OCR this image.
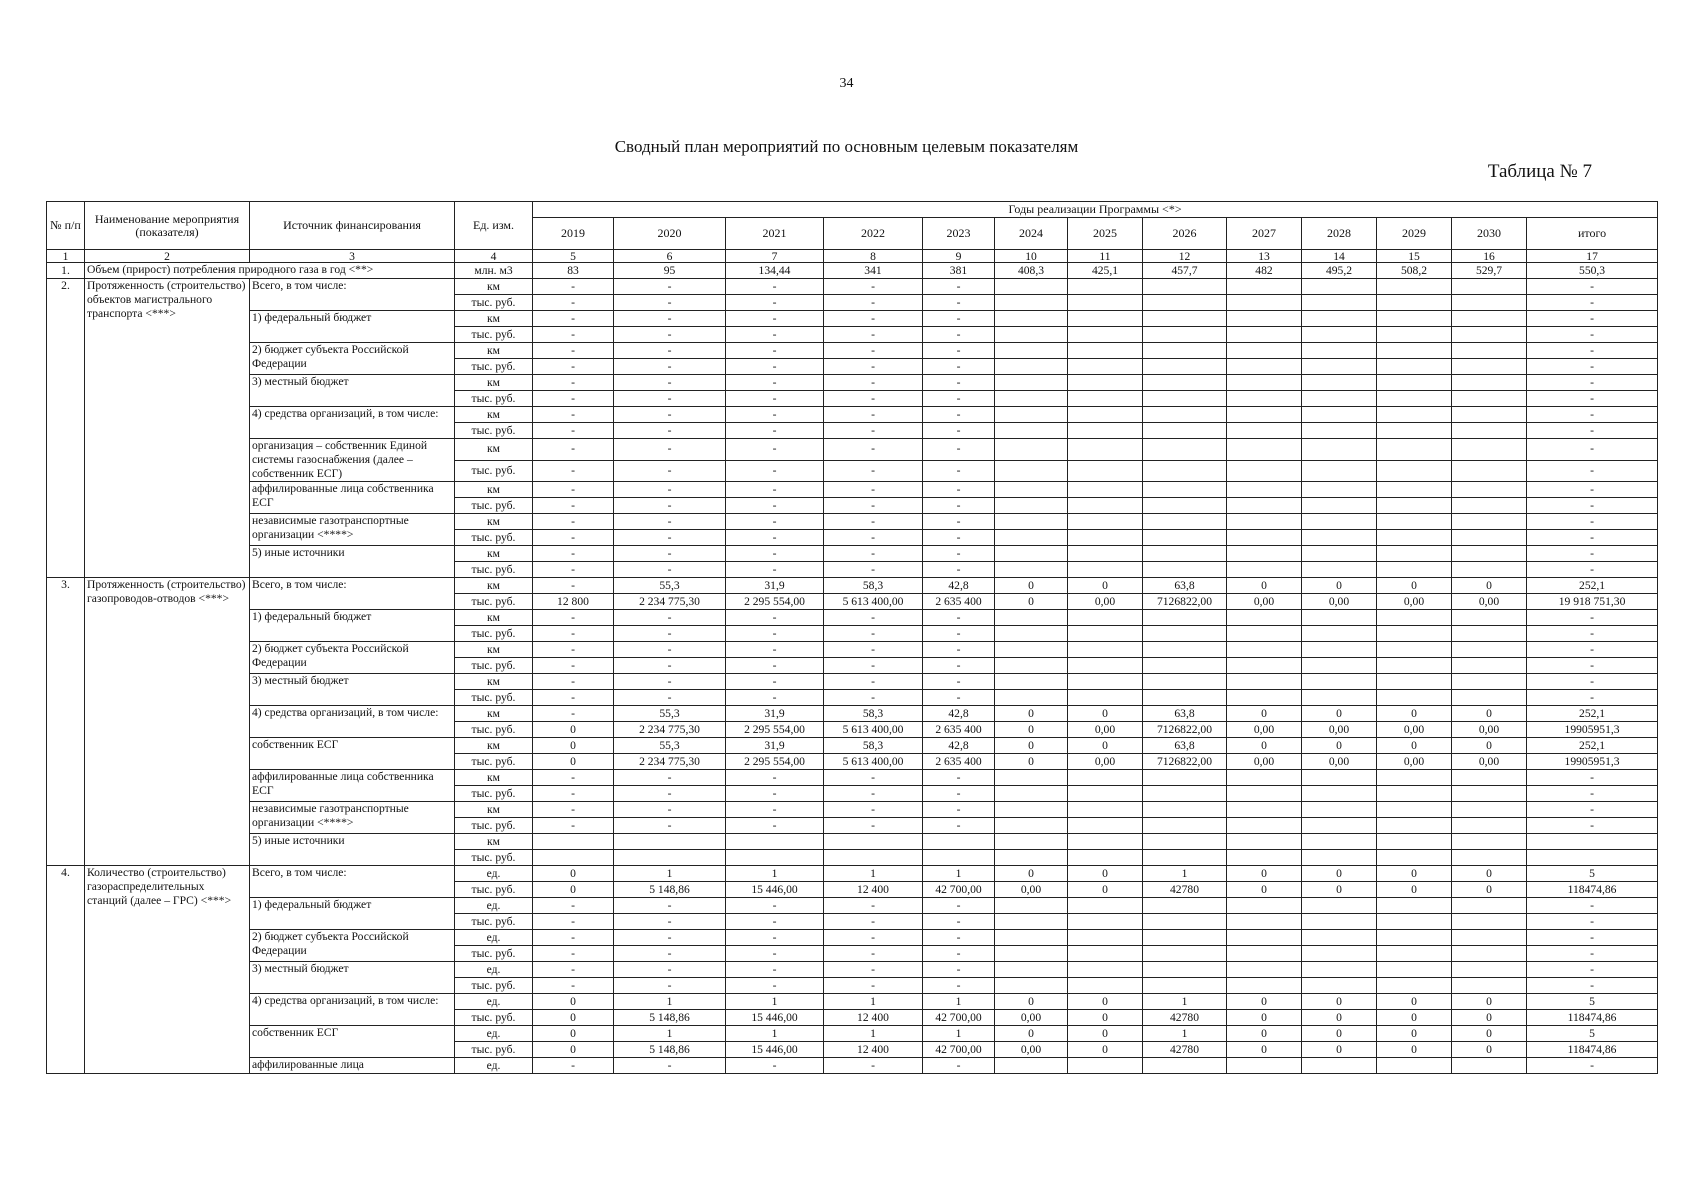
34
Сводный план мероприятий по основным целевым показателям
Таблица № 7
№ п/п	Наименование мероприятия (показателя)	Источник финансирования	Ед. изм.	Годы реализации Программы <*>												
				2019	2020	2021	2022	2023	2024	2025	2026	2027	2028	2029	2030	итого
1	2	3	4	5	6	7	8	9	10	11	12	13	14	15	16	17
1.	Объем (прирост) потребления природного газа в год <**>		млн. м3	83	95	134,44	341	381	408,3	425,1	457,7	482	495,2	508,2	529,7	550,3
2.	Протяженность (строительство) объектов магистрального транспорта <***>	Всего, в том числе:	км	-	-	-	-	-								-
			тыс. руб.	-	-	-	-	-								-
		1) федеральный бюджет	км	-	-	-	-	-								-
			тыс. руб.	-	-	-	-	-								-
		2) бюджет субъекта Российской Федерации	км	-	-	-	-	-								-
			тыс. руб.	-	-	-	-	-								-
		3) местный бюджет	км	-	-	-	-	-								-
			тыс. руб.	-	-	-	-	-								-
		4) средства организаций, в том числе:	км	-	-	-	-	-								-
			тыс. руб.	-	-	-	-	-								-
		организация – собственник Единой системы газоснабжения (далее – собственник ЕСГ)	км	-	-	-	-	-								-
			тыс. руб.	-	-	-	-	-								-
		аффилированные лица собственника ЕСГ	км	-	-	-	-	-								-
			тыс. руб.	-	-	-	-	-								-
		независимые газотранспортные организации <****>	км	-	-	-	-	-								-
			тыс. руб.	-	-	-	-	-								-
		5) иные источники	км	-	-	-	-	-								-
			тыс. руб.	-	-	-	-	-								-
3.	Протяженность (строительство) газопроводов-отводов <***>	Всего, в том числе:	км	-	55,3	31,9	58,3	42,8	0	0	63,8	0	0	0	0	252,1
			тыс. руб.	12 800	2 234 775,30	2 295 554,00	5 613 400,00	2 635 400	0	0,00	7126822,00	0,00	0,00	0,00	0,00	19 918 751,30
		1) федеральный бюджет	км	-	-	-	-	-								-
			тыс. руб.	-	-	-	-	-								-
		2) бюджет субъекта Российской Федерации	км	-	-	-	-	-								-
			тыс. руб.	-	-	-	-	-								-
		3) местный бюджет	км	-	-	-	-	-								-
			тыс. руб.	-	-	-	-	-								-
		4) средства организаций, в том числе:	км	-	55,3	31,9	58,3	42,8	0	0	63,8	0	0	0	0	252,1
			тыс. руб.	0	2 234 775,30	2 295 554,00	5 613 400,00	2 635 400	0	0,00	7126822,00	0,00	0,00	0,00	0,00	19905951,3
		собственник ЕСГ	км	0	55,3	31,9	58,3	42,8	0	0	63,8	0	0	0	0	252,1
			тыс. руб.	0	2 234 775,30	2 295 554,00	5 613 400,00	2 635 400	0	0,00	7126822,00	0,00	0,00	0,00	0,00	19905951,3
		аффилированные лица собственника ЕСГ	км	-	-	-	-	-								-
			тыс. руб.	-	-	-	-	-								-
		независимые газотранспортные организации <****>	км	-	-	-	-	-								-
			тыс. руб.	-	-	-	-	-								-
		5) иные источники	км													
			тыс. руб.													
4.	Количество (строительство) газораспределительных станций (далее – ГРС) <***>	Всего, в том числе:	ед.	0	1	1	1	1	0	0	1	0	0	0	0	5
			тыс. руб.	0	5 148,86	15 446,00	12 400	42 700,00	0,00	0	42780	0	0	0	0	118474,86
		1) федеральный бюджет	ед.	-	-	-	-	-								-
			тыс. руб.	-	-	-	-	-								-
		2) бюджет субъекта Российской Федерации	ед.	-	-	-	-	-								-
			тыс. руб.	-	-	-	-	-								-
		3) местный бюджет	ед.	-	-	-	-	-								-
			тыс. руб.	-	-	-	-	-								-
		4) средства организаций, в том числе:	ед.	0	1	1	1	1	0	0	1	0	0	0	0	5
			тыс. руб.	0	5 148,86	15 446,00	12 400	42 700,00	0,00	0	42780	0	0	0	0	118474,86
		собственник ЕСГ	ед.	0	1	1	1	1	0	0	1	0	0	0	0	5
			тыс. руб.	0	5 148,86	15 446,00	12 400	42 700,00	0,00	0	42780	0	0	0	0	118474,86
		аффилированные лица	ед.	-	-	-	-	-								-
